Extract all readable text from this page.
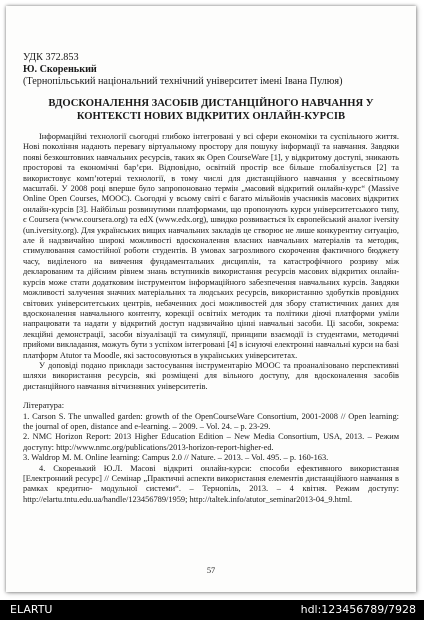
УДК 372.853

Ю. Скоренький

(Тернопільський національний технічний університет імені Івана Пулюя)

ВДОСКОНАЛЕННЯ ЗАСОБІВ ДИСТАНЦІЙНОГО НАВЧАННЯ У КОНТЕКСТІ НОВИХ ВІДКРИТИХ ОНЛАЙН-КУРСІВ

Інформаційні технології сьогодні глибоко інтегровані у всі сфери економіки та суспільного життя. Нові покоління надають перевагу віртуальному простору для пошуку інформації та навчання. Завдяки появі безкоштовних навчальних ресурсів, таких як Open CourseWare [1], у відкритому доступі, зникають просторові та економічні бар’єри. Відповідно, освітній простір все більше глобалізується [2] та використовує комп’ютерні технології, в тому числі для дистанційного навчання у всесвітньому масштабі. У 2008 році вперше було запропоновано термін „масовий відкритий онлайн-курс“ (Massive Online Open Courses, MOOC). Сьогодні у всьому світі є багато мільйонів учасників масових відкритих онлайн-курсів [3]. Найбільш розвинутими платформами, що пропонують курси університетського типу, є Coursera (www.coursera.org) та edX (www.edx.org), швидко розвивається їх європейський аналог iversity (un.iversity.org). Для українських вищих навчальних закладів це створює не лише конкурентну ситуацію, але й надзвичайно широкі можливості вдосконалення власних навчальних матеріалів та методик, стимулювання самостійної роботи студентів. В умовах загрозливого скорочення фактичного бюджету часу, виділеного на вивчення фундаментальних дисциплін, та катастрофічного розриву між декларованим та дійсним рівнем знань вступників використання ресурсів масових відкритих онлайн-курсів може стати додатковим інструментом інформаційного забезпечення навчальних курсів. Завдяки можливості залучення значних матеріальних та людських ресурсів, використанню здобутків провідних світових університетських центрів, небаченних досі можливостей для збору статистичних даних для вдосконалення навчального контенту, корекції освітніх методик та політики діючі платформи уміли напрацювати та надати у відкритий доступ надзвичайно цінні навчальні засоби. Ці засоби, зокрема: лекційні демонстрації, засоби візуалізації та симуляції, принципи взаємодії із студентами, методичні прийоми викладання, можуть бути з успіхом інтегровані [4] в існуючі електронні навчальні курси на базі платформ Atutor та Moodle, які застосовуються в українських університетах.

У доповіді подано приклади застосування інструментарію MOOC та проаналізовано перспективні шляхи використання ресурсів, які розміщені для вільного доступу, для вдосконалення засобів дистанційного навчання вітчизняних університетів.

Література:

1. Carson S. The unwalled garden: growth of the OpenCourseWare Consortium, 2001-2008 // Open learning: the journal of open, distance and e-learning. – 2009. – Vol. 24. – р. 23-29.

2. NMC Horizon Report: 2013 Higher Education Edition – New Media Consortium, USA, 2013. – Режим доступу: http://www.nmc.org/publications/2013-horizon-report-higher-ed.

3. Waldrop M. M. Online learning: Campus 2.0 // Nature. – 2013. – Vol. 495. – р. 160-163.

4. Скоренький Ю.Л. Масові відкриті онлайн-курси: способи ефективного використання [Електронний ресурс] // Семінар „Практичні аспекти використання елементів дистанційного навчання в рамках кредитно- модульної системи“. – Тернопіль, 2013. – 4 квітня. Режим доступу: http://elartu.tntu.edu.ua/handle/123456789/1959; http://taltek.info/atutor_seminar2013-04_9.html.

57
ELARTU	hdl:123456789/7928
